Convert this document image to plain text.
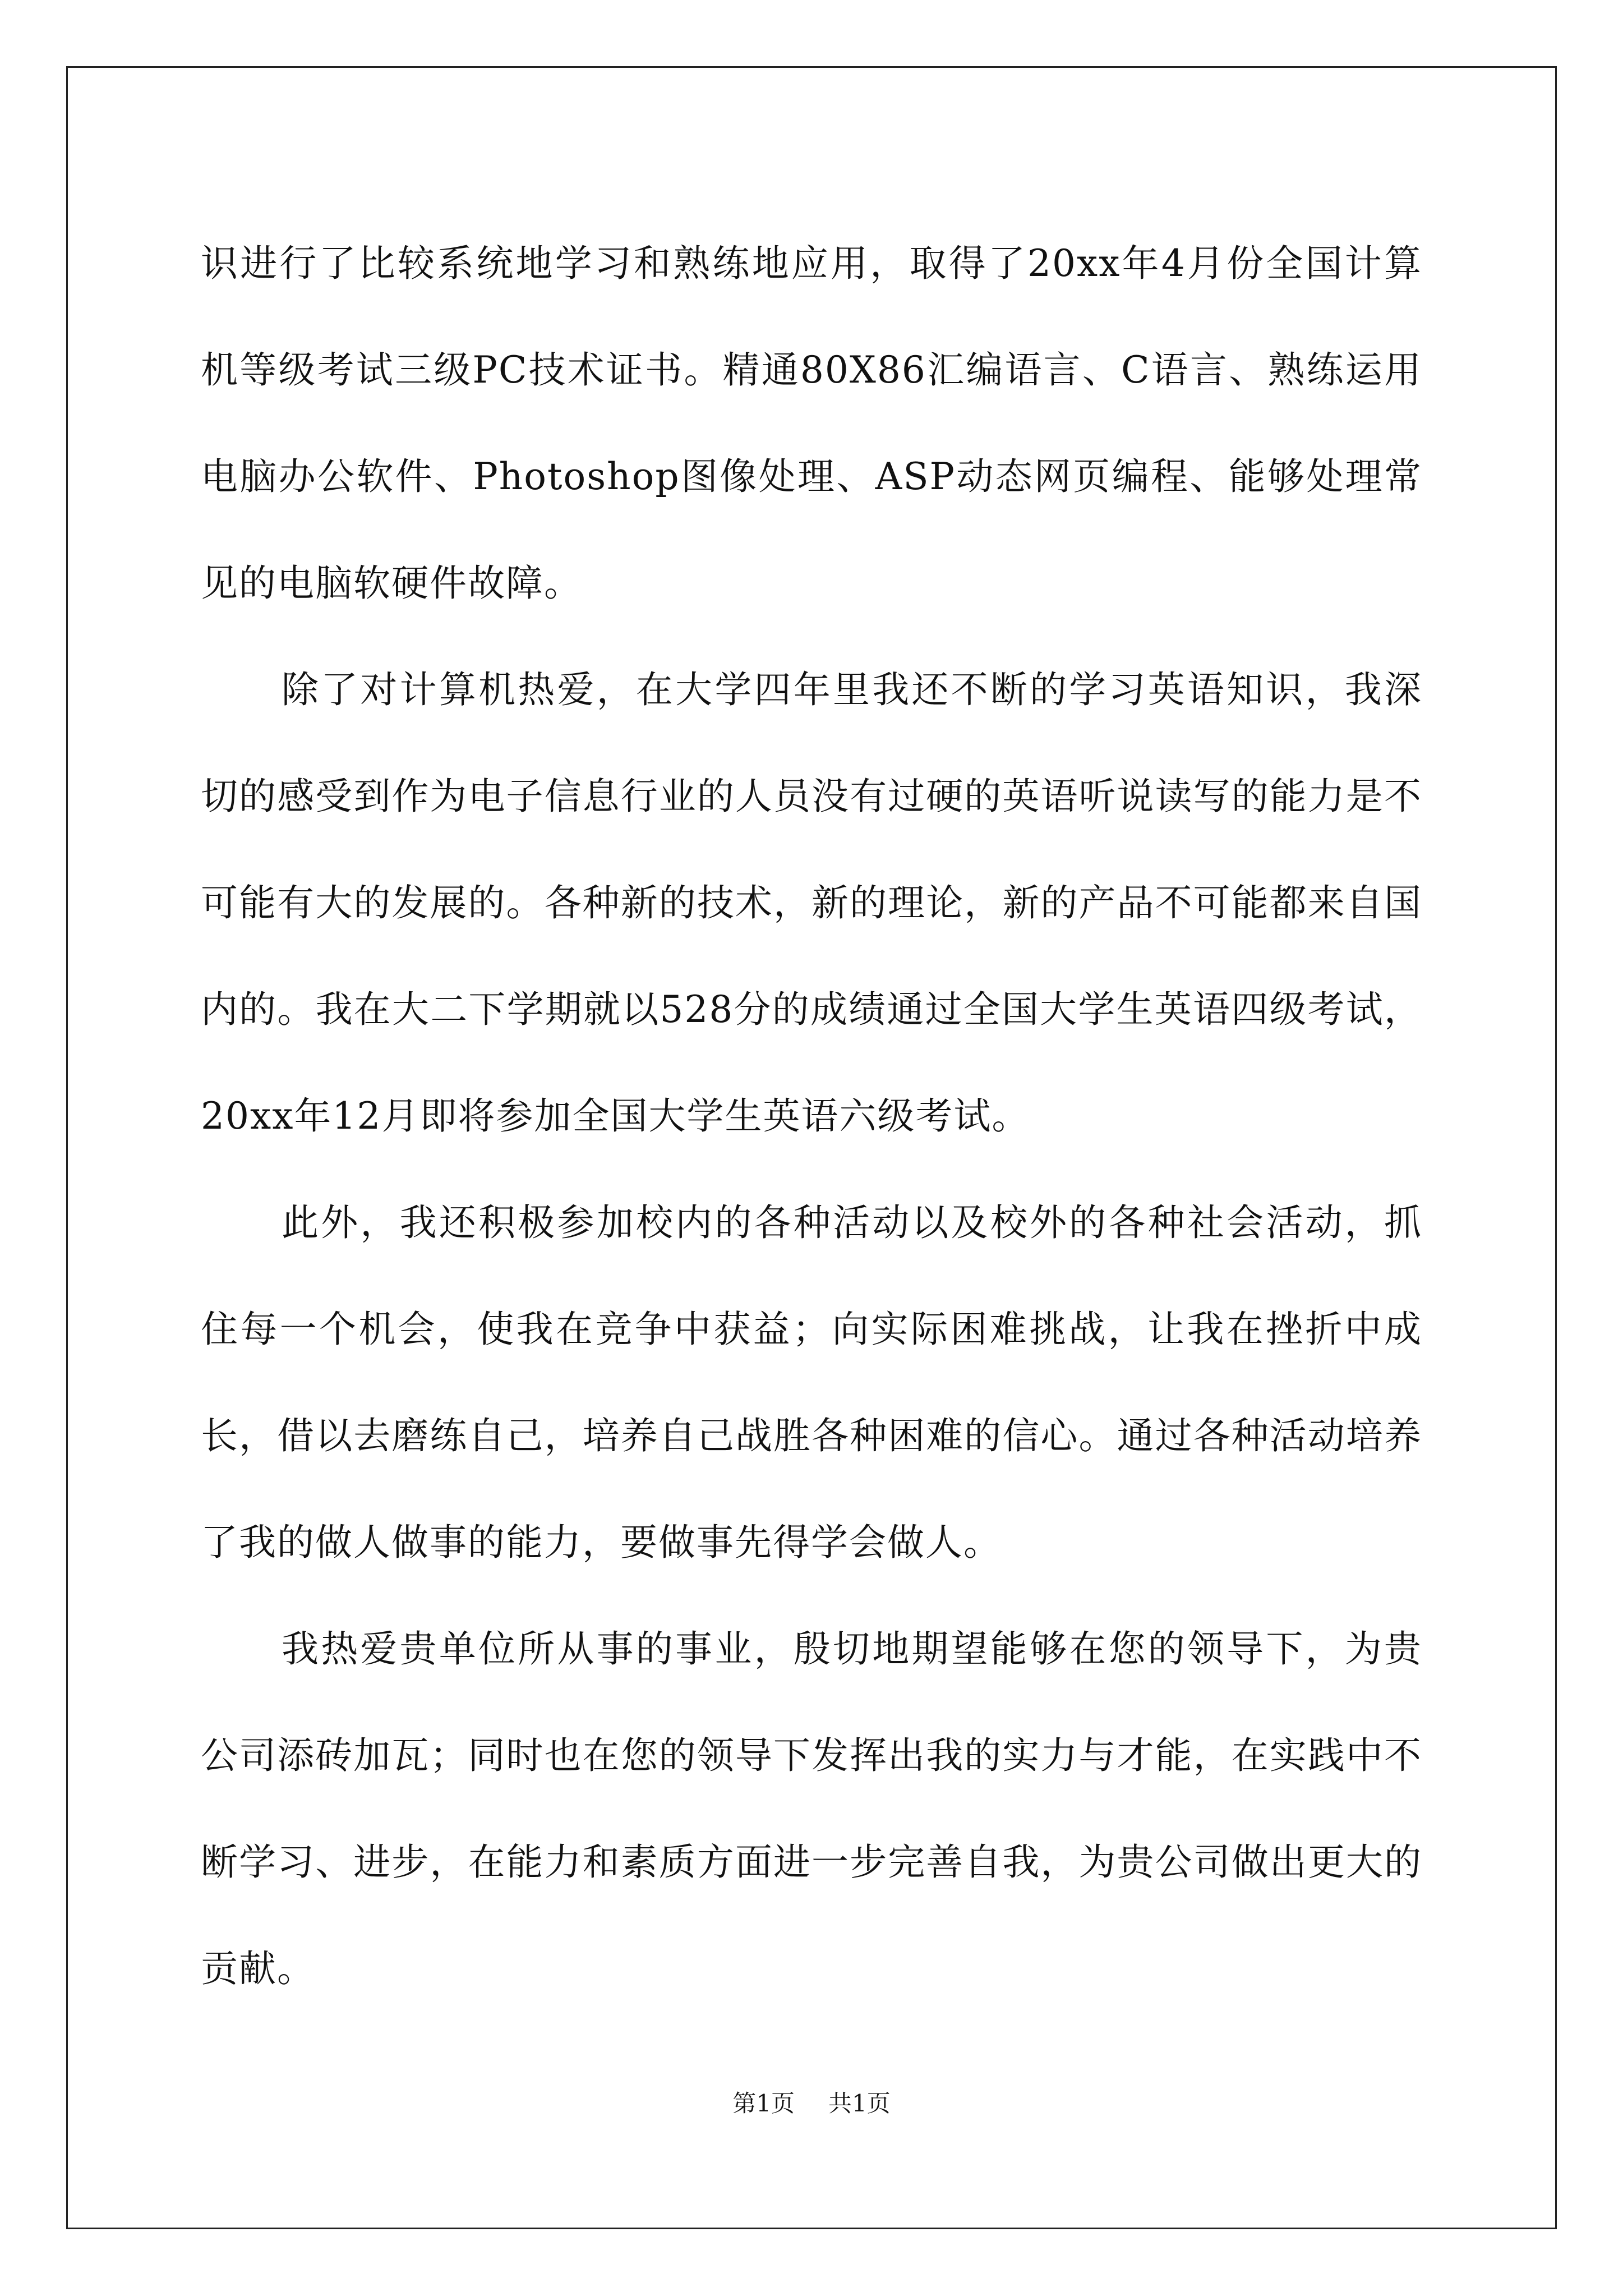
识进行了比较系统地学习和熟练地应用，取得了20xx年4月份全国计算机等级考试三级PC技术证书。精通80X86汇编语言、C语言、熟练运用电脑办公软件、Photoshop图像处理、ASP动态网页编程、能够处理常见的电脑软硬件故障。

除了对计算机热爱，在大学四年里我还不断的学习英语知识，我深切的感受到作为电子信息行业的人员没有过硬的英语听说读写的能力是不可能有大的发展的。各种新的技术，新的理论，新的产品不可能都来自国内的。我在大二下学期就以528分的成绩通过全国大学生英语四级考试，20xx年12月即将参加全国大学生英语六级考试。

此外，我还积极参加校内的各种活动以及校外的各种社会活动，抓住每一个机会，使我在竞争中获益；向实际困难挑战，让我在挫折中成长，借以去磨练自己，培养自己战胜各种困难的信心。通过各种活动培养了我的做人做事的能力，要做事先得学会做人。

我热爱贵单位所从事的事业，殷切地期望能够在您的领导下，为贵公司添砖加瓦；同时也在您的领导下发挥出我的实力与才能，在实践中不断学习、进步，在能力和素质方面进一步完善自我，为贵公司做出更大的贡献。

第1页 共1页
